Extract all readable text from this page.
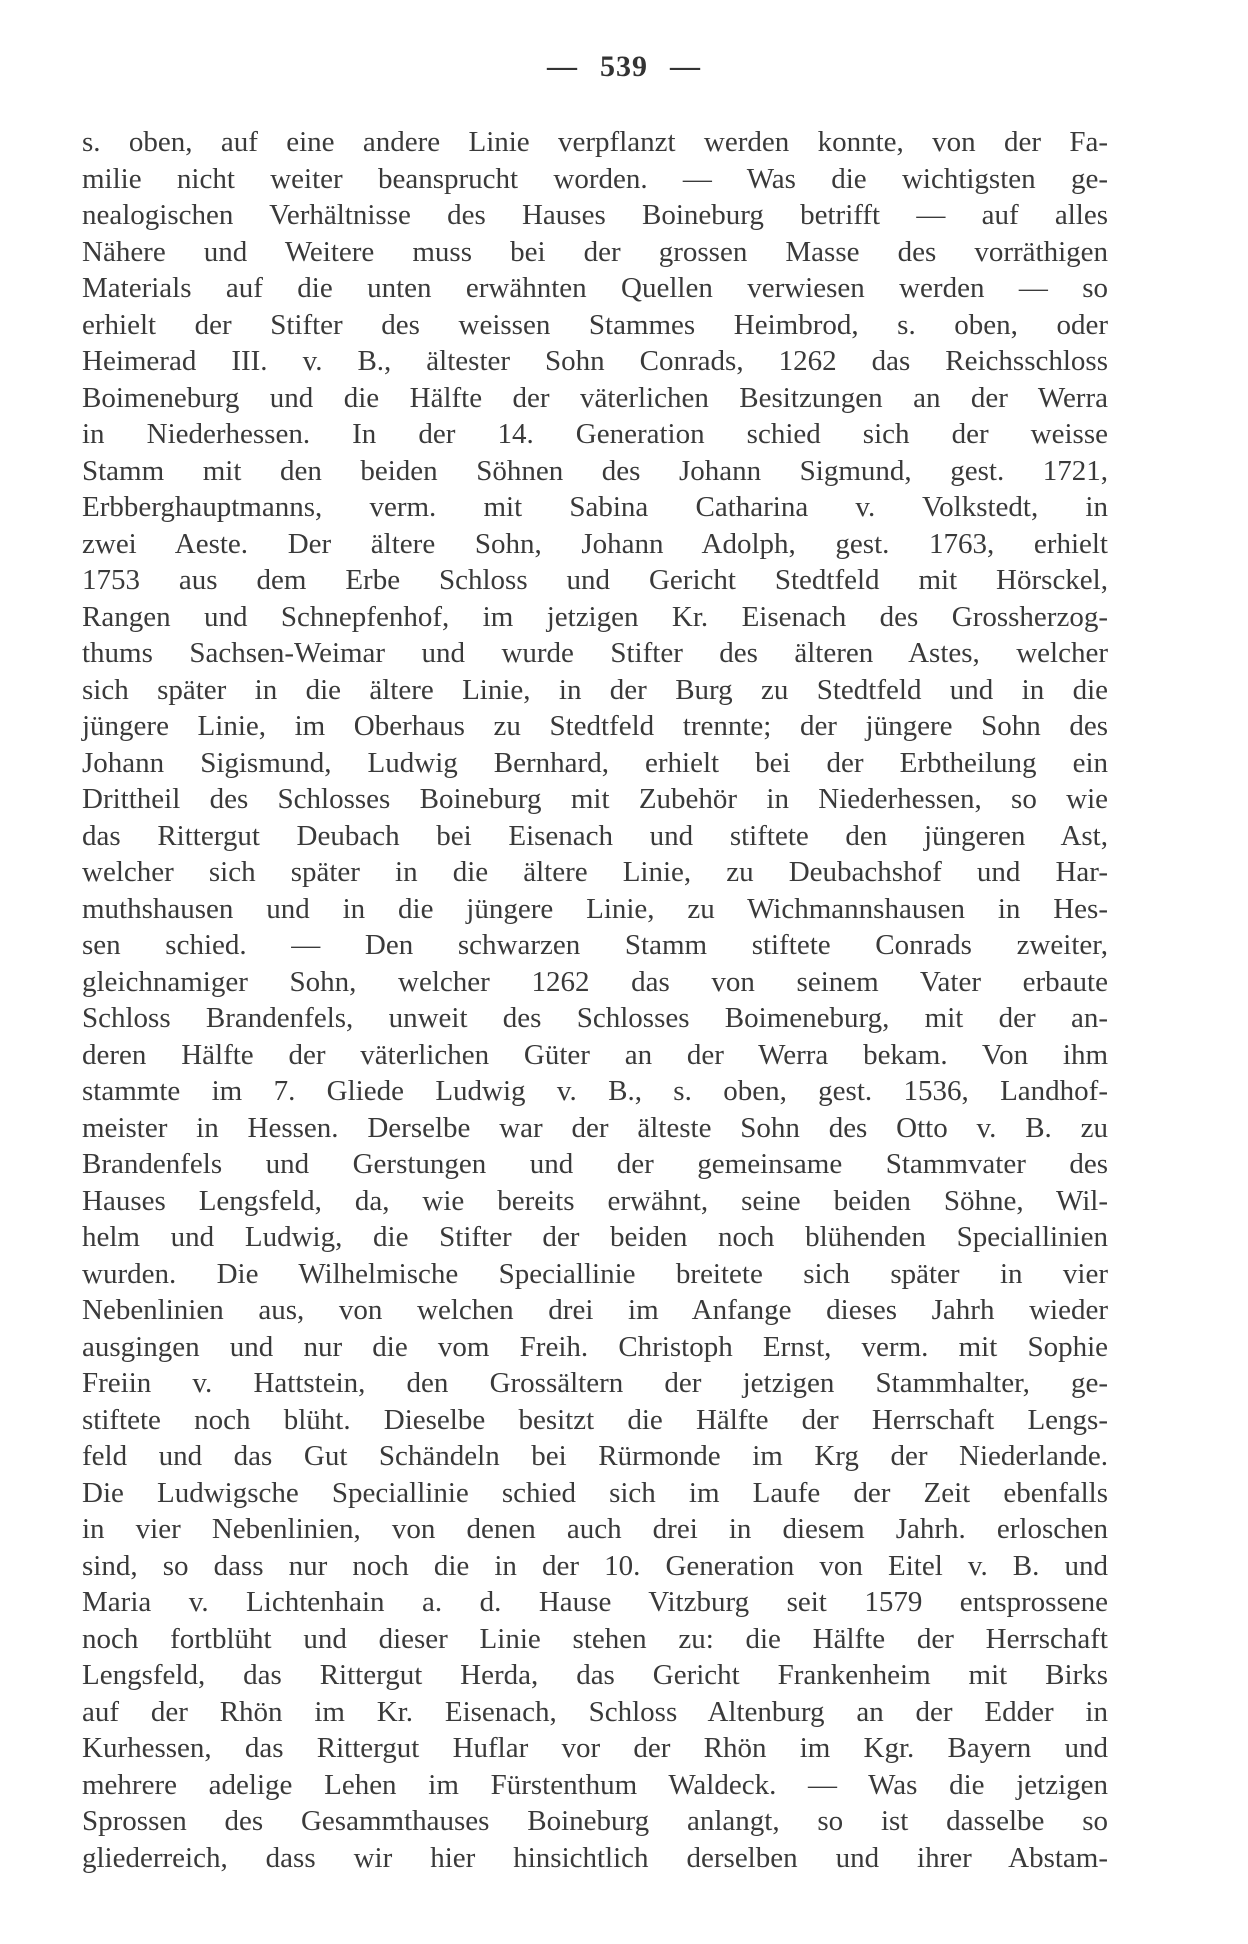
— 539 —
s. oben, auf eine andere Linie verpflanzt werden konnte, von der Fa-
milie nicht weiter beansprucht worden. — Was die wichtigsten ge-
nealogischen Verhältnisse des Hauses Boineburg betrifft — auf alles
Nähere und Weitere muss bei der grossen Masse des vorräthigen
Materials auf die unten erwähnten Quellen verwiesen werden — so
erhielt der Stifter des weissen Stammes Heimbrod, s. oben, oder
Heimerad III. v. B., ältester Sohn Conrads, 1262 das Reichsschloss
Boimeneburg und die Hälfte der väterlichen Besitzungen an der Werra
in Niederhessen. In der 14. Generation schied sich der weisse
Stamm mit den beiden Söhnen des Johann Sigmund, gest. 1721,
Erbberghauptmanns, verm. mit Sabina Catharina v. Volkstedt, in
zwei Aeste. Der ältere Sohn, Johann Adolph, gest. 1763, erhielt
1753 aus dem Erbe Schloss und Gericht Stedtfeld mit Hörsckel,
Rangen und Schnepfenhof, im jetzigen Kr. Eisenach des Grossherzog-
thums Sachsen-Weimar und wurde Stifter des älteren Astes, welcher
sich später in die ältere Linie, in der Burg zu Stedtfeld und in die
jüngere Linie, im Oberhaus zu Stedtfeld trennte; der jüngere Sohn des
Johann Sigismund, Ludwig Bernhard, erhielt bei der Erbtheilung ein
Drittheil des Schlosses Boineburg mit Zubehör in Niederhessen, so wie
das Rittergut Deubach bei Eisenach und stiftete den jüngeren Ast,
welcher sich später in die ältere Linie, zu Deubachshof und Har-
muthshausen und in die jüngere Linie, zu Wichmannshausen in Hes-
sen schied. — Den schwarzen Stamm stiftete Conrads zweiter,
gleichnamiger Sohn, welcher 1262 das von seinem Vater erbaute
Schloss Brandenfels, unweit des Schlosses Boimeneburg, mit der an-
deren Hälfte der väterlichen Güter an der Werra bekam. Von ihm
stammte im 7. Gliede Ludwig v. B., s. oben, gest. 1536, Landhof-
meister in Hessen. Derselbe war der älteste Sohn des Otto v. B. zu
Brandenfels und Gerstungen und der gemeinsame Stammvater des
Hauses Lengsfeld, da, wie bereits erwähnt, seine beiden Söhne, Wil-
helm und Ludwig, die Stifter der beiden noch blühenden Speciallinien
wurden. Die Wilhelmische Speciallinie breitete sich später in vier
Nebenlinien aus, von welchen drei im Anfange dieses Jahrh wieder
ausgingen und nur die vom Freih. Christoph Ernst, verm. mit Sophie
Freiin v. Hattstein, den Grossältern der jetzigen Stammhalter, ge-
stiftete noch blüht. Dieselbe besitzt die Hälfte der Herrschaft Lengs-
feld und das Gut Schändeln bei Rürmonde im Krg der Niederlande.
Die Ludwigsche Speciallinie schied sich im Laufe der Zeit ebenfalls
in vier Nebenlinien, von denen auch drei in diesem Jahrh. erloschen
sind, so dass nur noch die in der 10. Generation von Eitel v. B. und
Maria v. Lichtenhain a. d. Hause Vitzburg seit 1579 entsprossene
noch fortblüht und dieser Linie stehen zu: die Hälfte der Herrschaft
Lengsfeld, das Rittergut Herda, das Gericht Frankenheim mit Birks
auf der Rhön im Kr. Eisenach, Schloss Altenburg an der Edder in
Kurhessen, das Rittergut Huflar vor der Rhön im Kgr. Bayern und
mehrere adelige Lehen im Fürstenthum Waldeck. — Was die jetzigen
Sprossen des Gesammthauses Boineburg anlangt, so ist dasselbe so
gliederreich, dass wir hier hinsichtlich derselben und ihrer Abstam-
